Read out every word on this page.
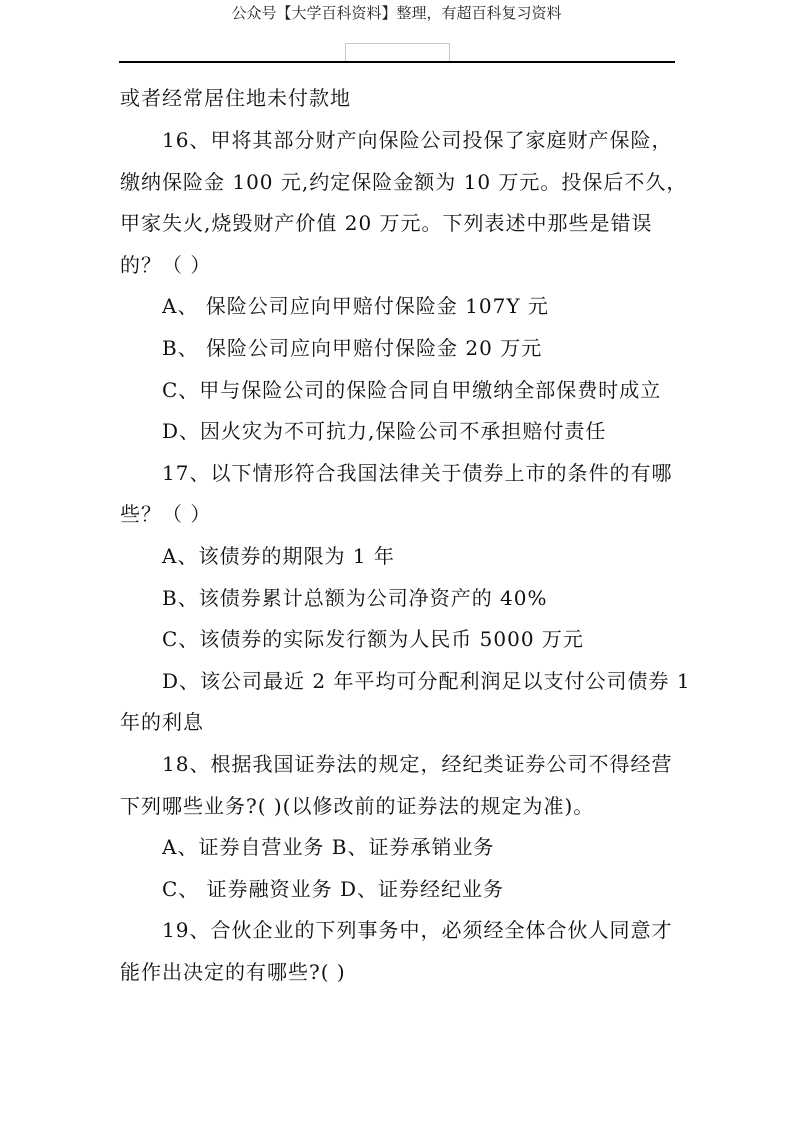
公众号【大学百科资料】整理，有超百科复习资料
或者经常居住地未付款地
16、甲将其部分财产向保险公司投保了家庭财产保险，
缴纳保险金 100 元,约定保险金额为 10 万元。投保后不久，
甲家失火,烧毁财产价值 20 万元。下列表述中那些是错误
的？（ ）
A、 保险公司应向甲赔付保险金 107Y 元
B、 保险公司应向甲赔付保险金 20 万元
C、甲与保险公司的保险合同自甲缴纳全部保费时成立
D、因火灾为不可抗力,保险公司不承担赔付责任
17、以下情形符合我国法律关于债券上市的条件的有哪
些？（ ）
A、该债券的期限为 1 年
B、该债券累计总额为公司净资产的 40%
C、该债券的实际发行额为人民币 5000 万元
D、该公司最近 2 年平均可分配利润足以支付公司债券 1
年的利息
18、根据我国证券法的规定，经纪类证券公司不得经营
下列哪些业务?( )(以修改前的证券法的规定为准)。
A、证券自营业务 B、证券承销业务
C、 证券融资业务 D、证券经纪业务
19、合伙企业的下列事务中，必须经全体合伙人同意才
能作出决定的有哪些?( )
